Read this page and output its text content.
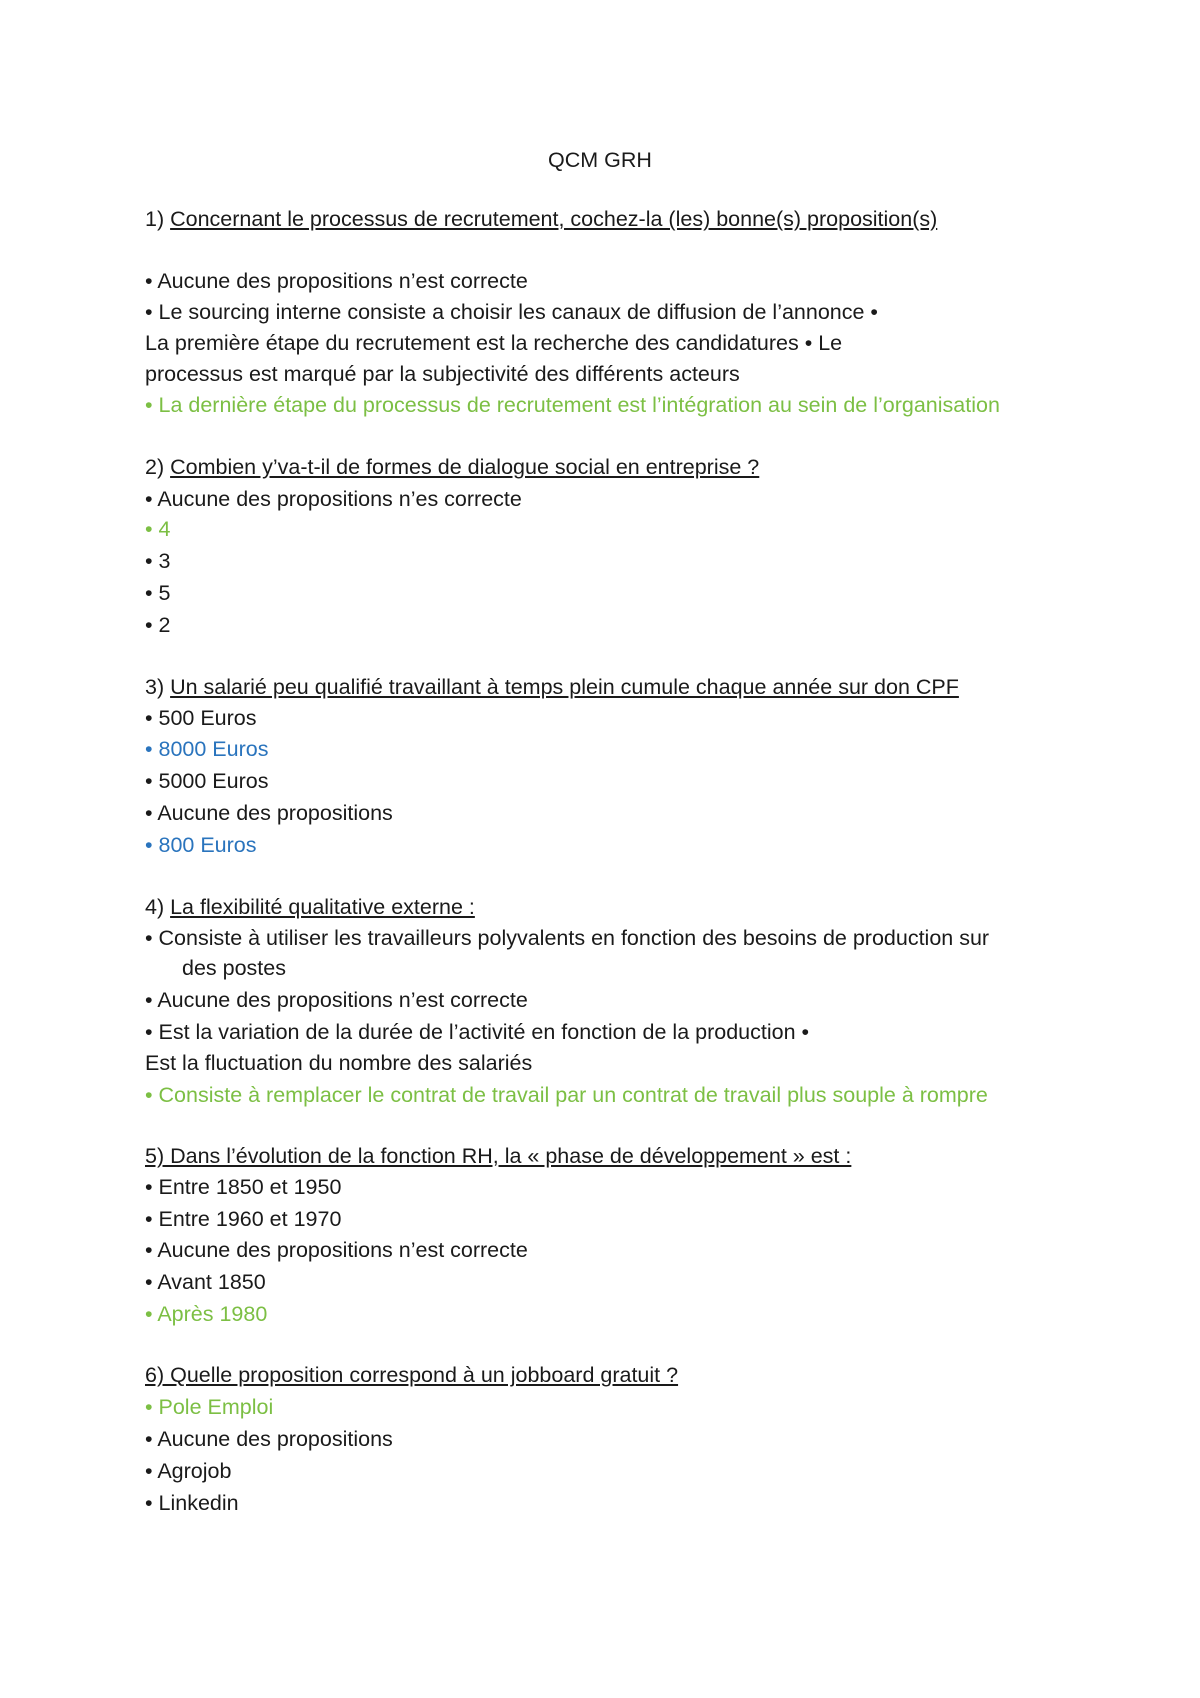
QCM GRH
1) Concernant le processus de recrutement, cochez-la (les) bonne(s) proposition(s)
• Aucune des propositions n’est correcte
• Le sourcing interne consiste a choisir les canaux de diffusion de l’annonce •
La première étape du recrutement est la recherche des candidatures • Le
processus est marqué par la subjectivité des différents acteurs
• La dernière étape du processus de recrutement est l’intégration au sein de l’organisation
2) Combien y’va-t-il de formes de dialogue social en entreprise ?
• Aucune des propositions n’es correcte
• 4
• 3
• 5
• 2
3) Un salarié peu qualifié travaillant à temps plein cumule chaque année sur don CPF
• 500 Euros
• 8000 Euros
• 5000 Euros
• Aucune des propositions
• 800 Euros
4) La flexibilité qualitative externe :
• Consiste à utiliser les travailleurs polyvalents en fonction des besoins de production sur
des postes
• Aucune des propositions n’est correcte
• Est la variation de la durée de l’activité en fonction de la production •
Est la fluctuation du nombre des salariés
• Consiste à remplacer le contrat de travail par un contrat de travail plus souple à rompre
5) Dans l’évolution de la fonction RH, la « phase de développement » est :
• Entre 1850 et 1950
• Entre 1960 et 1970
• Aucune des propositions n’est correcte
• Avant 1850
• Après 1980
6) Quelle proposition correspond à un jobboard gratuit ?
• Pole Emploi
• Aucune des propositions
• Agrojob
• Linkedin
